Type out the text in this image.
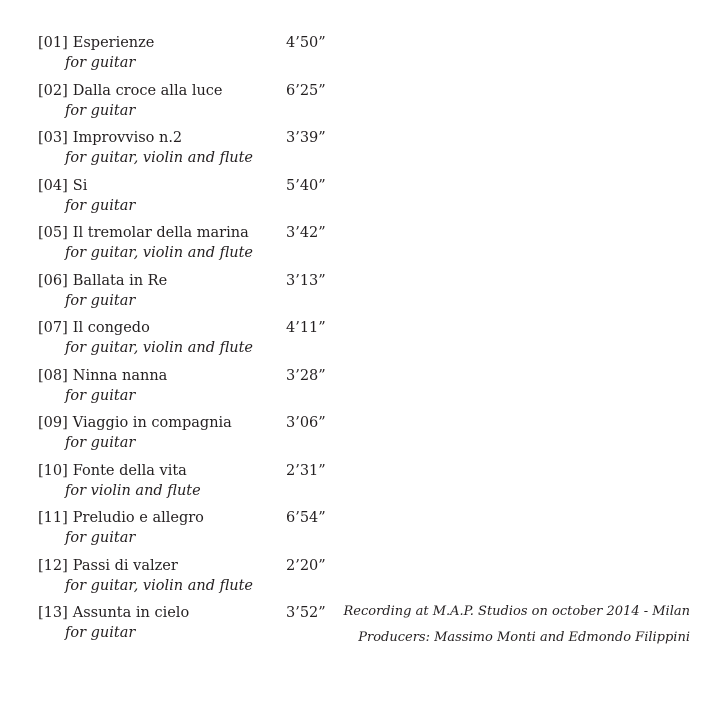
[01] Esperienze	4’50”
for guitar
[02] Dalla croce alla luce	6’25”
for guitar
[03] Improvviso n.2	3’39”
for guitar, violin and flute
[04] Si	5’40”
for guitar
[05] Il tremolar della marina	3’42”
for guitar, violin and flute
[06] Ballata in Re	3’13”
for guitar
[07] Il congedo	4’11”
for guitar, violin and flute
[08] Ninna nanna	3’28”
for guitar
[09] Viaggio in compagnia	3’06”
for guitar
[10] Fonte della vita	2’31”
for violin and flute
[11] Preludio e allegro	6’54”
for guitar
[12] Passi di valzer	2’20”
for guitar, violin and flute
[13] Assunta in cielo	3’52”
for guitar
Recording at M.A.P. Studios on october 2014 - Milan
Producers: Massimo Monti and Edmondo Filippini
